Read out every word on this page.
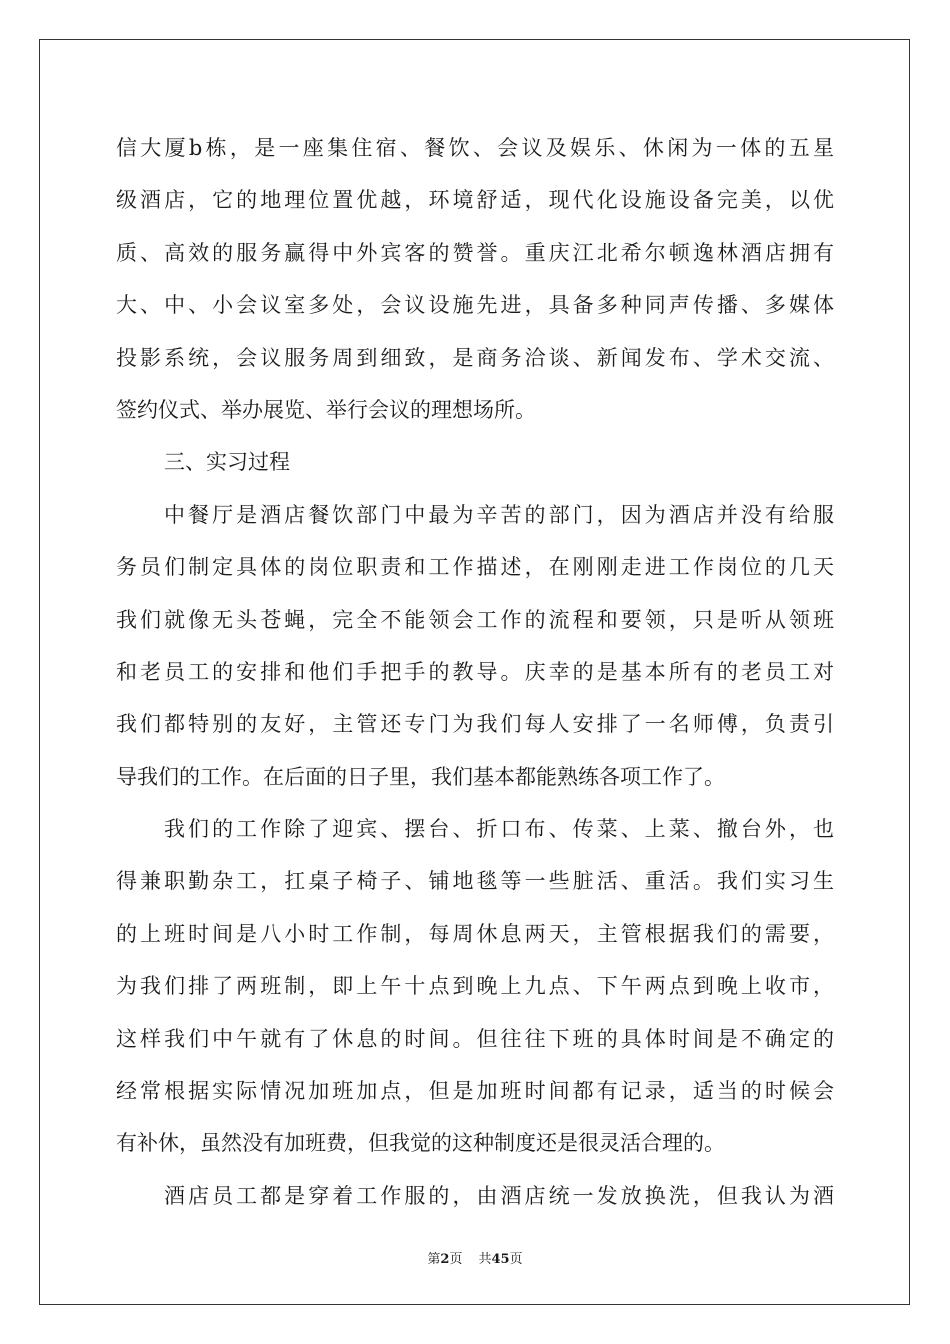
信大厦b栋，是一座集住宿、餐饮、会议及娱乐、休闲为一体的五星
级酒店，它的地理位置优越，环境舒适，现代化设施设备完美，以优
质、高效的服务赢得中外宾客的赞誉。重庆江北希尔顿逸林酒店拥有
大、中、小会议室多处，会议设施先进，具备多种同声传播、多媒体
投影系统，会议服务周到细致，是商务洽谈、新闻发布、学术交流、
签约仪式、举办展览、举行会议的理想场所。
三、实习过程
中餐厅是酒店餐饮部门中最为辛苦的部门，因为酒店并没有给服
务员们制定具体的岗位职责和工作描述，在刚刚走进工作岗位的几天
我们就像无头苍蝇，完全不能领会工作的流程和要领，只是听从领班
和老员工的安排和他们手把手的教导。庆幸的是基本所有的老员工对
我们都特别的友好，主管还专门为我们每人安排了一名师傅，负责引
导我们的工作。在后面的日子里，我们基本都能熟练各项工作了。
我们的工作除了迎宾、摆台、折口布、传菜、上菜、撤台外，也
得兼职勤杂工，扛桌子椅子、铺地毯等一些脏活、重活。我们实习生
的上班时间是八小时工作制，每周休息两天，主管根据我们的需要，
为我们排了两班制，即上午十点到晚上九点、下午两点到晚上收市，
这样我们中午就有了休息的时间。但往往下班的具体时间是不确定的
经常根据实际情况加班加点，但是加班时间都有记录，适当的时候会
有补休，虽然没有加班费，但我觉的这种制度还是很灵活合理的。
酒店员工都是穿着工作服的，由酒店统一发放换洗，但我认为酒
第2页 共45页
